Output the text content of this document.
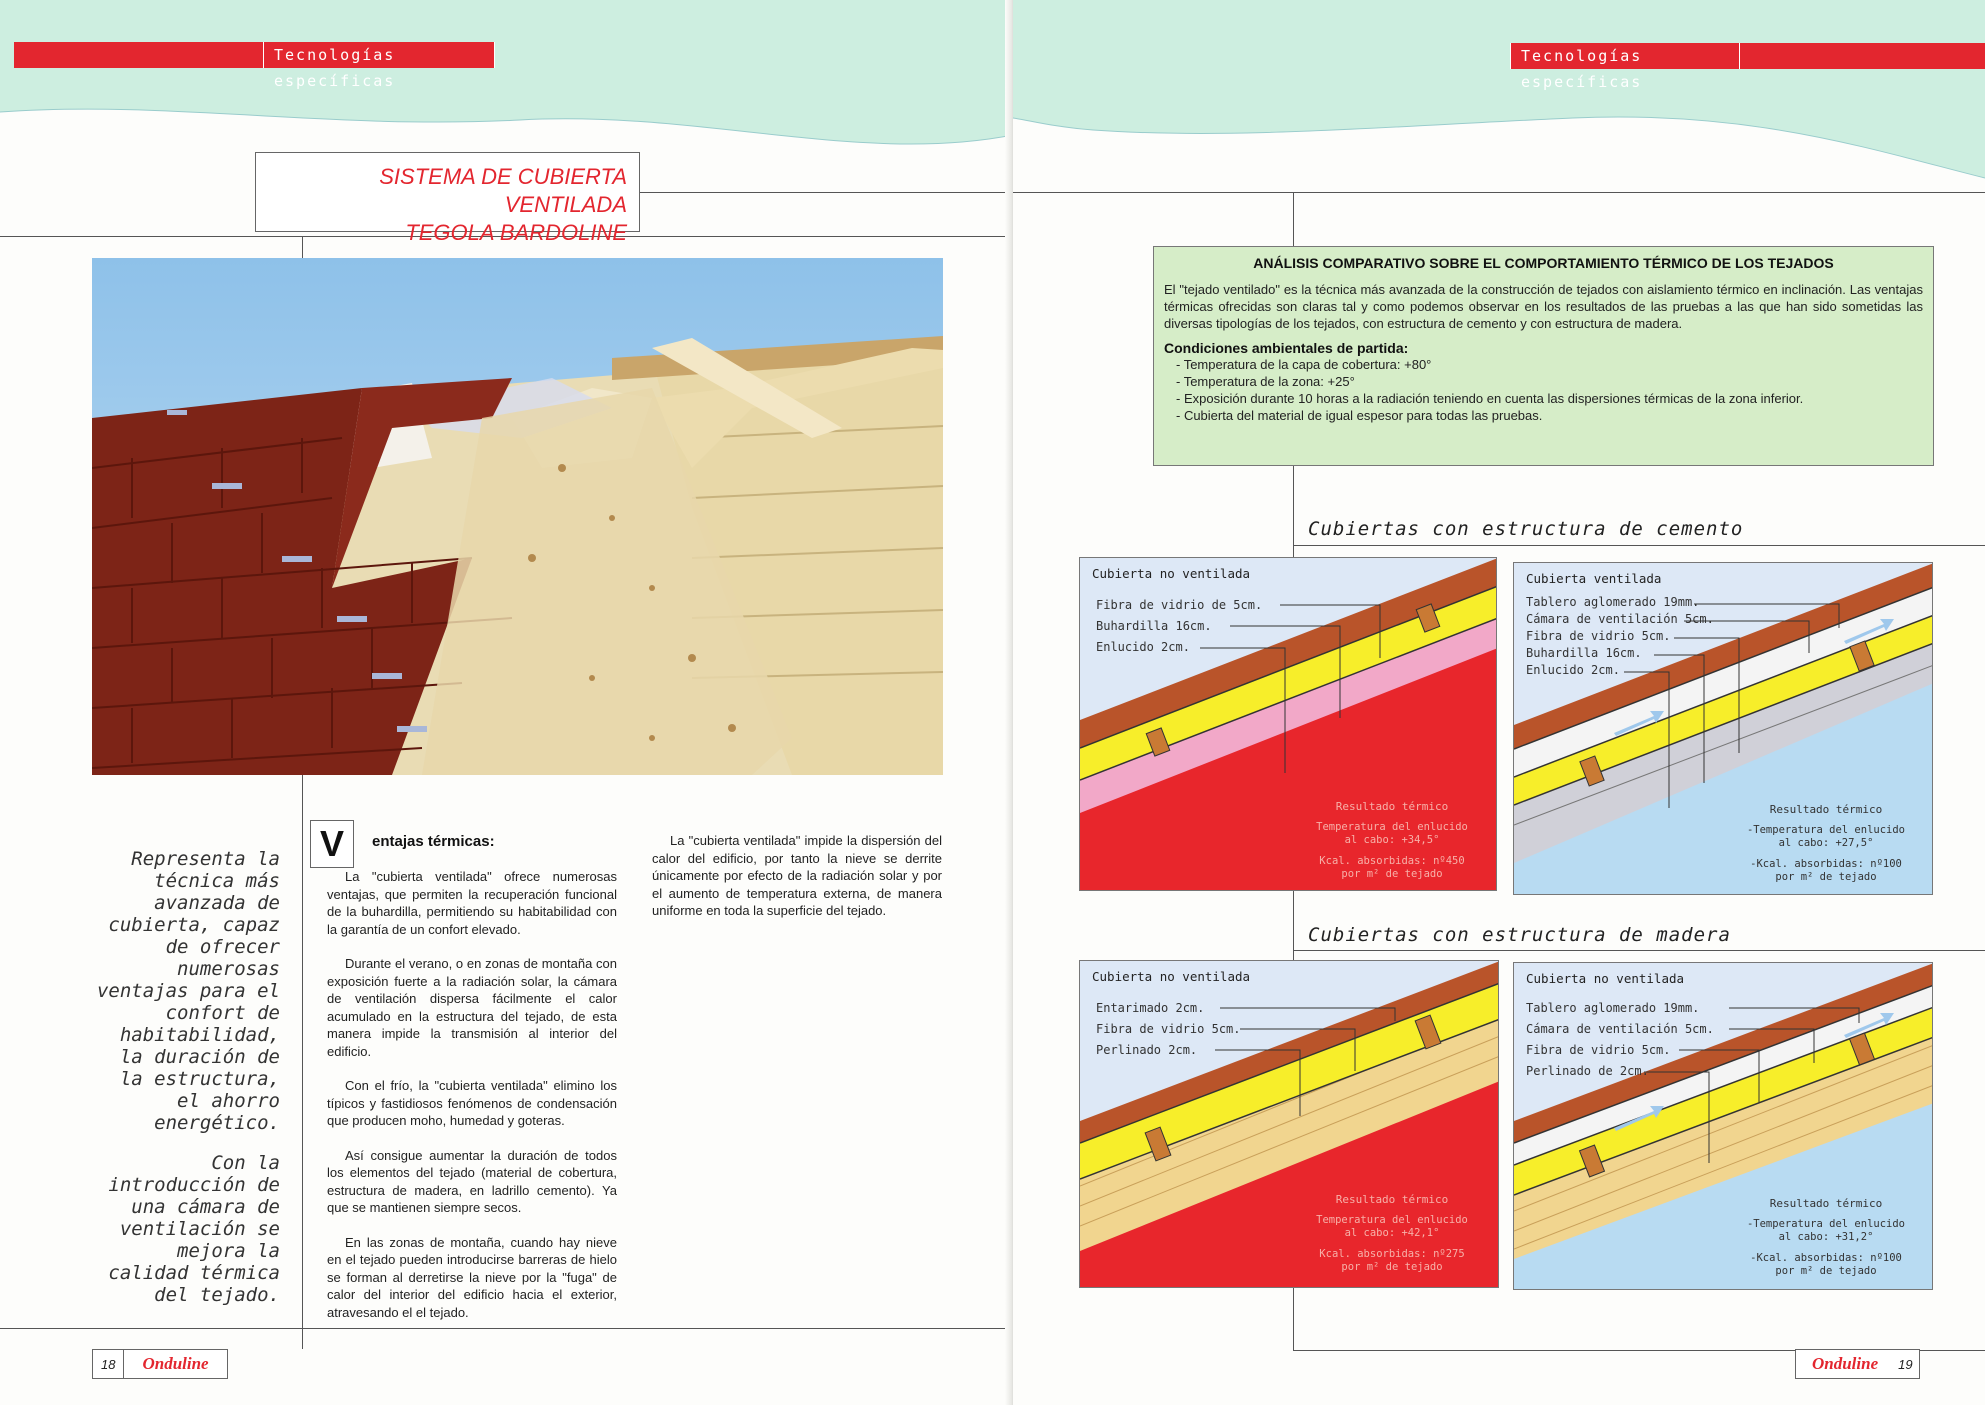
Tecnologías específicas
SISTEMA DE CUBIERTA VENTILADA
TEGOLA BARDOLINE
Representa la
técnica más
avanzada de
cubierta, capaz
de ofrecer
numerosas
ventajas para el
confort de
habitabilidad,
la duración de
la estructura,
el ahorro
energético.
Con la
introducción de
una cámara de
ventilación se
mejora la
calidad térmica
del tejado.
V	entajas térmicas:

La "cubierta ventilada" ofrece numerosas ventajas, que permiten la recuperación funcional de la buhardilla, permitiendo su habitabilidad con la garantía de un confort elevado.

Durante el verano, o en zonas de montaña con exposición fuerte a la radiación solar, la cámara de ventilación dispersa fácilmente el calor acumulado en la estructura del tejado, de esta manera impide la transmisión al interior del edificio.

Con el frío, la "cubierta ventilada" elimino los típicos y fastidiosos fenómenos de condensación que producen moho, humedad y goteras.

Así consigue aumentar la duración de todos los elementos del tejado (material de cobertura, estructura de madera, en ladrillo cemento). Ya que se mantienen siempre secos.

En las zonas de montaña, cuando hay nieve en el tejado pueden introducirse barreras de hielo se forman al derretirse la nieve por la "fuga" de calor del interior del edificio hacia el exterior, atravesando el el tejado.

La "cubierta ventilada" impide la dispersión del calor del edificio, por tanto la nieve se derrite únicamente por efecto de la radiación solar y por el aumento de temperatura externa, de manera uniforme en toda la superficie del tejado.

18	Onduline
Tecnologías específicas
ANÁLISIS COMPARATIVO SOBRE EL COMPORTAMIENTO TÉRMICO DE LOS TEJADOS

El "tejado ventilado" es la técnica más avanzada de la construcción de tejados con aislamiento térmico en inclinación. Las ventajas térmicas ofrecidas son claras tal y como podemos observar en los resultados de las pruebas a las que han sido sometidas las diversas tipologías de los tejados, con estructura de cemento y con estructura de madera.

Condiciones ambientales de partida:

- Temperatura de la capa de cobertura: +80°
- Temperatura de la zona: +25°
- Exposición durante 10 horas a la radiación teniendo en cuenta las dispersiones térmicas de la zona inferior.
- Cubierta del material de igual espesor para todas las pruebas.
Cubiertas con estructura de cemento
Cubiertas con estructura de madera
Cubierta no ventilada
Fibra de vidrio de 5cm.
Buhardilla 16cm.
Enlucido 2cm.
Resultado térmico
Temperatura del enlucido

al cabo: +34,5°
Kcal. absorbidas: nº450
por m² de tejado
Cubierta ventilada
Tablero aglomerado 19mm.
Cámara de ventilación 5cm.
Fibra de vidrio 5cm.
Buhardilla 16cm.
Enlucido 2cm.
Resultado térmico
-Temperatura del enlucido

al cabo: +27,5°
-Kcal. absorbidas: nº100
por m² de tejado
Cubierta no ventilada
Entarimado 2cm.
Fibra de vidrio 5cm.
Perlinado 2cm.
Resultado térmico
Temperatura del enlucido

al cabo: +42,1°
Kcal. absorbidas: nº275
por m² de tejado
Cubierta no ventilada
Tablero aglomerado 19mm.
Cámara de ventilación 5cm.
Fibra de vidrio 5cm.
Perlinado de 2cm.
Resultado térmico
-Temperatura del enlucido

al cabo: +31,2°
-Kcal. absorbidas: nº100
por m² de tejado
Onduline	19
